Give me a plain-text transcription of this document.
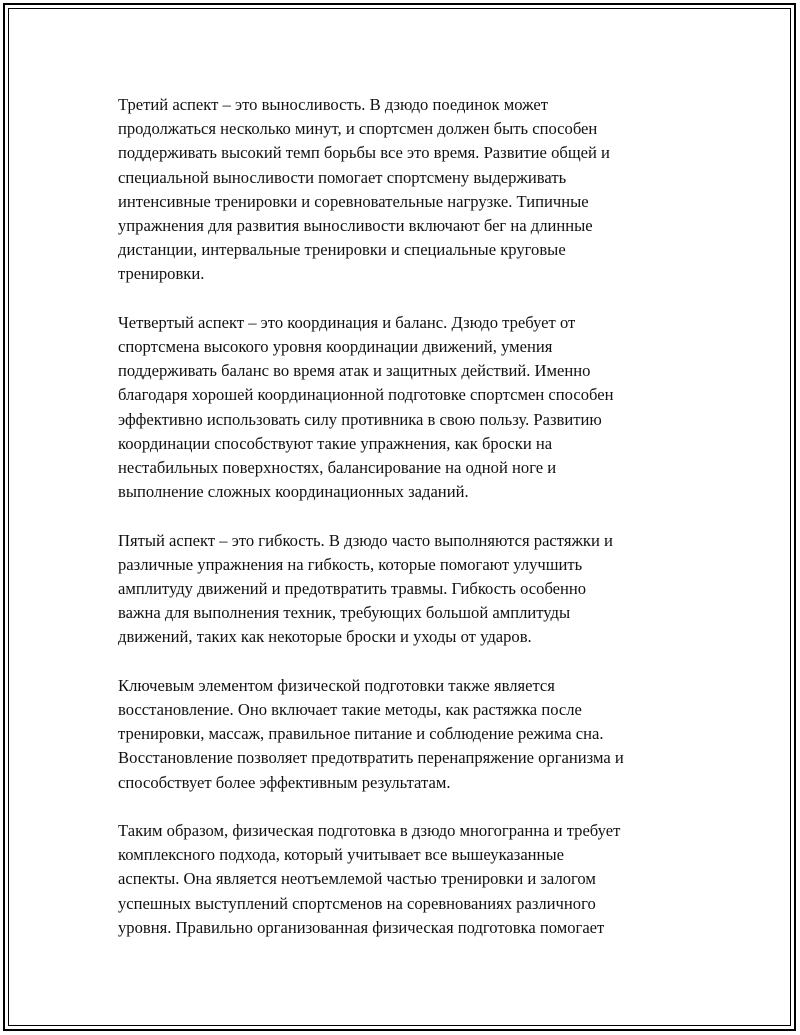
Третий аспект – это выносливость. В дзюдо поединок может
продолжаться несколько минут, и спортсмен должен быть способен
поддерживать высокий темп борьбы все это время. Развитие общей и
специальной выносливости помогает спортсмену выдерживать
интенсивные тренировки и соревновательные нагрузке. Типичные
упражнения для развития выносливости включают бег на длинные
дистанции, интервальные тренировки и специальные круговые
тренировки.
Четвертый аспект – это координация и баланс. Дзюдо требует от
спортсмена высокого уровня координации движений, умения
поддерживать баланс во время атак и защитных действий. Именно
благодаря хорошей координационной подготовке спортсмен способен
эффективно использовать силу противника в свою пользу. Развитию
координации способствуют такие упражнения, как броски на
нестабильных поверхностях, балансирование на одной ноге и
выполнение сложных координационных заданий.
Пятый аспект – это гибкость. В дзюдо часто выполняются растяжки и
различные упражнения на гибкость, которые помогают улучшить
амплитуду движений и предотвратить травмы. Гибкость особенно
важна для выполнения техник, требующих большой амплитуды
движений, таких как некоторые броски и уходы от ударов.
Ключевым элементом физической подготовки также является
восстановление. Оно включает такие методы, как растяжка после
тренировки, массаж, правильное питание и соблюдение режима сна.
Восстановление позволяет предотвратить перенапряжение организма и
способствует более эффективным результатам.
Таким образом, физическая подготовка в дзюдо многогранна и требует
комплексного подхода, который учитывает все вышеуказанные
аспекты. Она является неотъемлемой частью тренировки и залогом
успешных выступлений спортсменов на соревнованиях различного
уровня. Правильно организованная физическая подготовка помогает
